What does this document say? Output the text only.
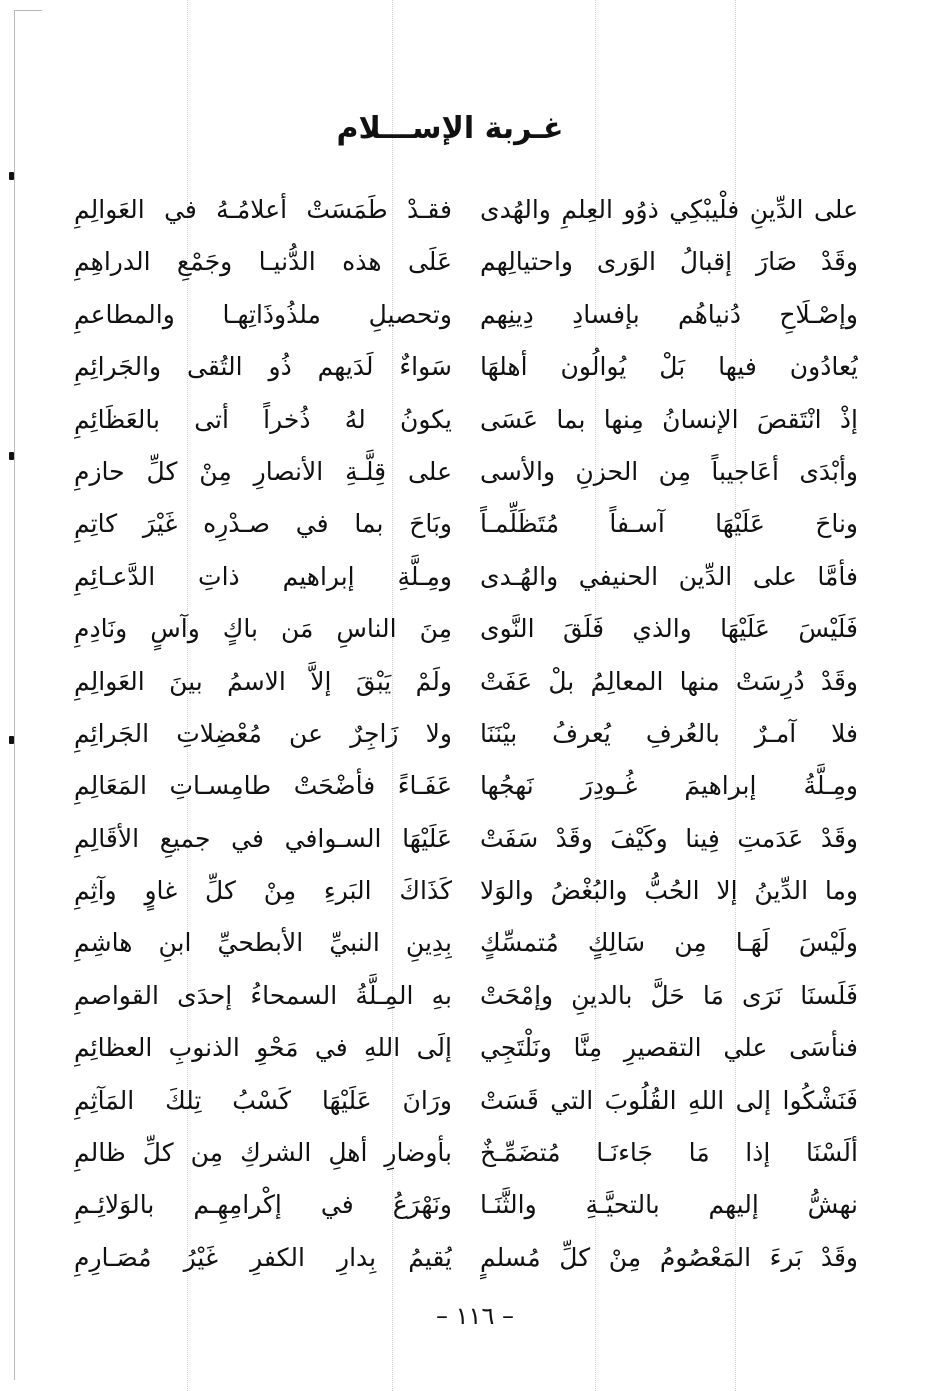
غـربة الإســـلام
على الدِّينِ فلْيبْكِي ذوُو العِلمِ والهُدى
وقَدْ صَارَ إقبالُ الوَرى واحتيالِهم
وإصْـلَاحِ دُنياهُم بإفسادِ دِينِهم
يُعادُون فيها بَلْ يُوالُون أهلهَا
إذْ انْتَقصَ الإنسانُ مِنها بما عَسَى
وأبْدَى أعَاجيباً مِن الحزنِ والأسى
وناحَ عَلَيْهَا آسـفاً مُتَظَلِّمـاً
فأمَّا على الدِّين الحنيفي والهُـدى
فَلَيْسَ عَلَيْهَا والذي فَلَقَ النَّوى
وقَدْ دُرِسَتْ منها المعالِمُ بلْ عَفَتْ
فلا آمـرٌ بالعُرفِ يُعرفُ بيْنَنَا
ومِـلَّةُ إبراهيمَ غُـودِرَ نَهجُها
وقَدْ عَدَمتِ فِينا وكَيْفَ وقَدْ سَفَتْ
وما الدِّينُ إلا الحُبُّ والبُغْضُ والوَلا
ولَيْسَ لَهَـا مِن سَالِكٍ مُتمسِّكٍ
فَلَسنَا نَرَى مَا حَلَّ بالدينِ وإمْحَتْ
فنأسَى علي التقصيرِ مِنَّا ونَلْتَجِي
فَنَشْكُوا إلى اللهِ القُلُوبَ التي قَسَتْ
ألَسْنَا إذا مَا جَاءنَـا مُتضَمِّـخٌ
نهشُّ إليهم بالتحيَّـةِ والثَّنَـا
وقَدْ بَرءَ المَعْصُومُ مِنْ كلِّ مُسلمٍ
فقـدْ طَمَسَتْ أعلامُـهُ في العَوالِمِ
عَلَى هذه الدُّنيـا وجَمْعِ الدراهِمِ
وتحصيلِ ملذُوذَاتِهـا والمطاعمِ
سَواءٌ لَدَيهم ذُو التُقى والجَرائِمِ
يكونُ لهُ ذُخراً أتى بالعَظَائِمِ
على قِلَّـةِ الأنصارِ مِنْ كلِّ حازمِ
وبَاحَ بما في صـدْرِه غَيْرَ كاتِمِ
ومِـلَّةِ إبراهيم ذاتِ الدَّعـائِمِ
مِنَ الناسِ مَن باكٍ وآسٍ ونَادِمِ
ولَمْ يَبْقَ إلاَّ الاسمُ بينَ العَوالِمِ
ولا زَاجِرٌ عن مُعْضِلاتِ الجَرائِمِ
عَفَـاءً فأضْحَتْ طامِسـاتِ المَعَالِمِ
عَلَيْهَا السـوافي في جميعِ الأقَالِمِ
كَذَاكَ البَرءِ مِنْ كلِّ غاوٍ وآثِمِ
بِدِينِ النبيِّ الأبطحيِّ ابنِ هاشِمِ
بهِ المِـلَّةُ السمحاءُ إحدَى القواصمِ
إلَى اللهِ في مَحْوِ الذنوبِ العظائِمِ
ورَانَ عَلَيْهَا كَسْبُ تِلكَ المَآثِمِ
بأوضارِ أهلِ الشركِ مِن كلِّ ظالمِ
ونَهْرَعُ في إكْرامِهِـم بالوَلائِـمِ
يُقيمُ بِدارِ الكفرِ غَيْرُ مُصَـارِمِ
– ١١٦ –
